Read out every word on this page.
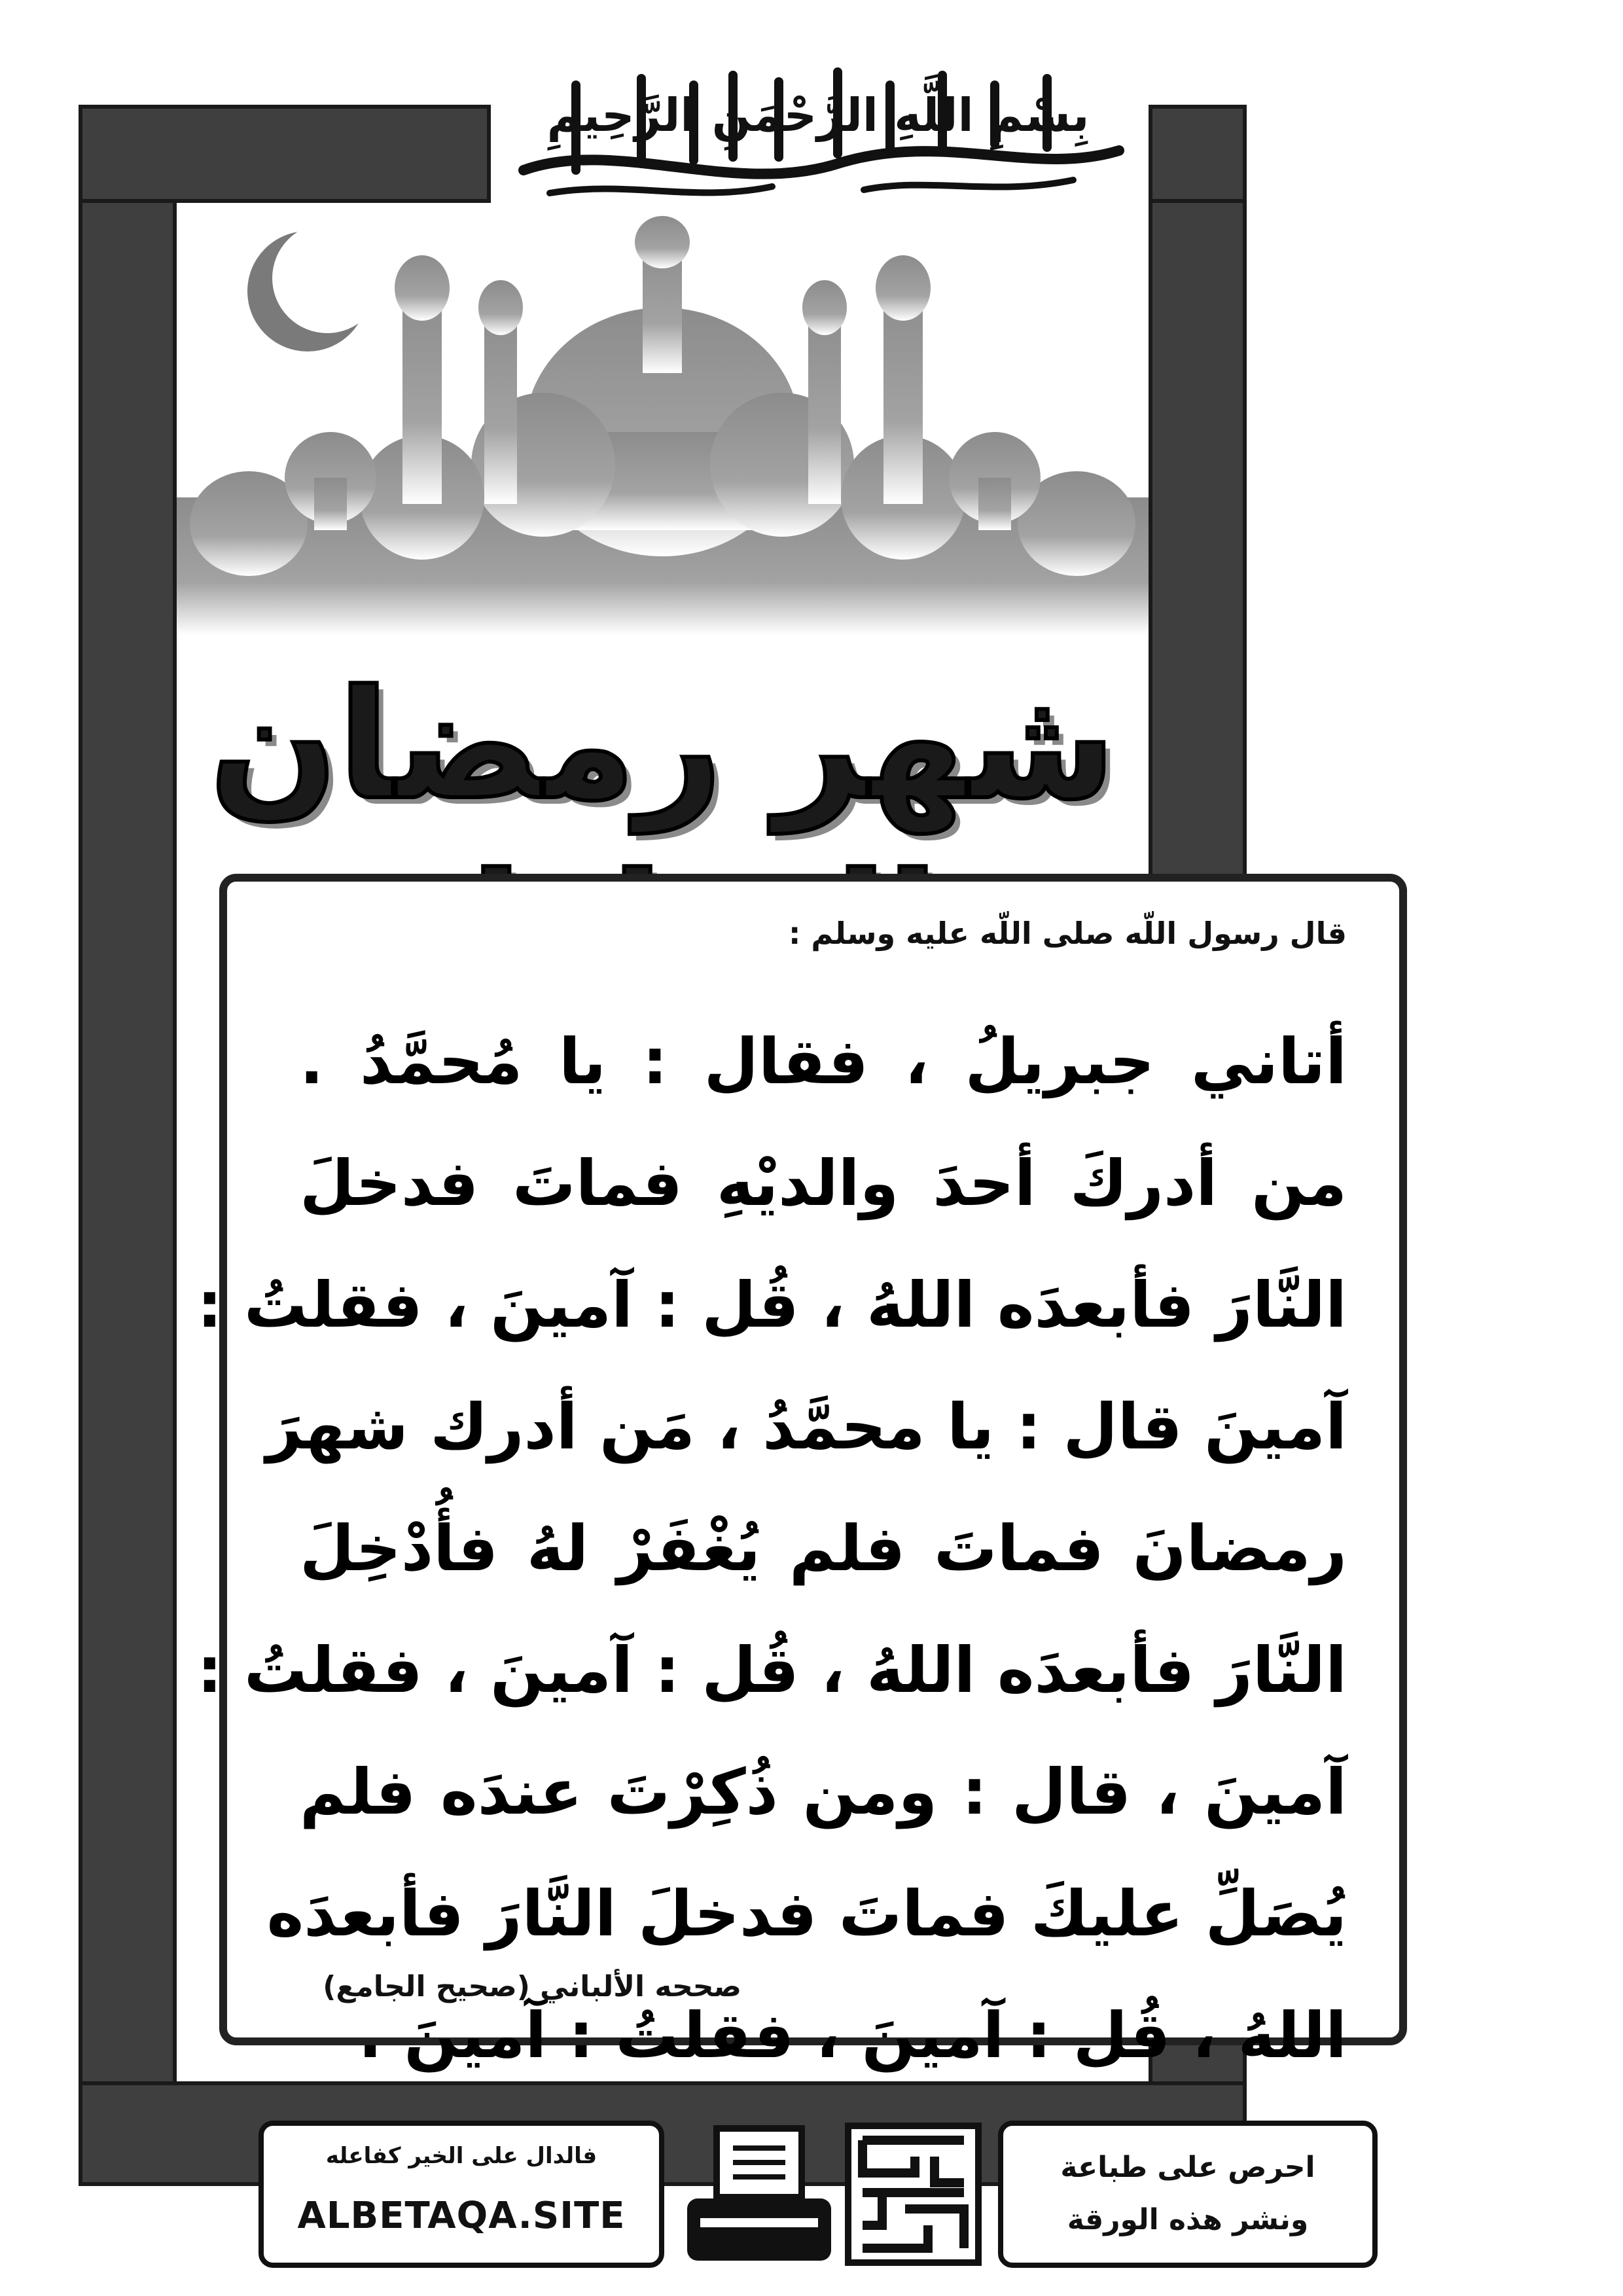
بِسْمِ اللَّهِ الرَّحْمَنِ الرَّحِيمِ
شهر رمضان
قال رسول اللّه صلى اللّه عليه وسلم :
أتاني جبريلُ ، فقال : يا مُحمَّدُ .
من أدركَ أحدَ والديْهِ فماتَ فدخلَ
النَّارَ فأبعدَه اللهُ ، قُل : آمينَ ، فقلتُ :
آمينَ قال : يا محمَّدُ ، مَن أدرك شهرَ
رمضانَ فماتَ فلم يُغْفَرْ لهُ فأُدْخِلَ
النَّارَ فأبعدَه اللهُ ، قُل : آمينَ ، فقلتُ :
آمينَ ، قال : ومن ذُكِرْتَ عندَه فلم
يُصَلِّ عليكَ فماتَ فدخلَ النَّارَ فأبعدَه
اللهُ ، قُل : آمينَ ، فقلتُ : آمينَ .
صححه الألباني (صحيح الجامع)
فالدال على الخير كفاعله
ALBETAQA.SITE
احرص على طباعة
ونشر هذه الورقة
